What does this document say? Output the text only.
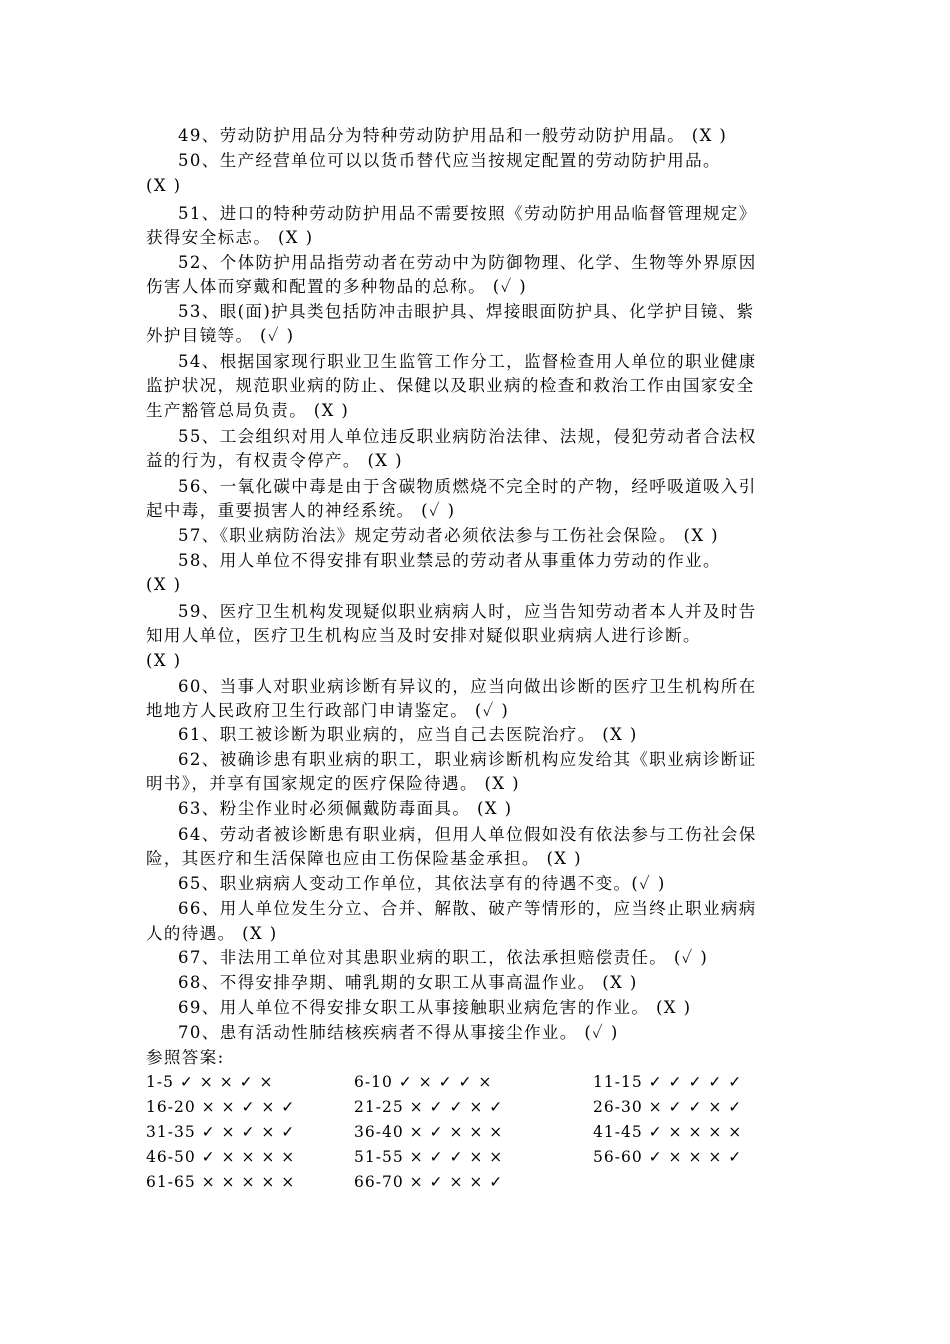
49、劳动防护用品分为特种劳动防护用品和一般劳动防护用晶。 (X )
50、生产经营单位可以以货币替代应当按规定配置的劳动防护用品。
(X )
51、进口的特种劳动防护用品不需要按照《劳动防护用品临督管理规定》
获得安全标志。 (X )
52、个体防护用品指劳动者在劳动中为防御物理、化学、生物等外界原因
伤害人体而穿戴和配置的多种物品的总称。 (✓ )
53、眼(面)护具类包括防冲击眼护具、焊接眼面防护具、化学护目镜、紫
外护目镜等。 (✓ )
54、根据国家现行职业卫生监管工作分工，监督检查用人单位的职业健康
监护状况，规范职业病的防止、保健以及职业病的检查和救治工作由国家安全
生产豁管总局负责。 (X )
55、工会组织对用人单位违反职业病防治法律、法规，侵犯劳动者合法权
益的行为，有权责令停产。 (X )
56、一氧化碳中毒是由于含碳物质燃烧不完全时的产物，经呼吸道吸入引
起中毒，重要损害人的神经系统。 (✓ )
57、《职业病防治法》规定劳动者必须依法参与工伤社会保险。 (X )
58、用人单位不得安排有职业禁忌的劳动者从事重体力劳动的作业。
(X )
59、医疗卫生机构发现疑似职业病病人时，应当告知劳动者本人并及时告
知用人单位，医疗卫生机构应当及时安排对疑似职业病病人进行诊断。
(X )
60、当事人对职业病诊断有异议的，应当向做出诊断的医疗卫生机构所在
地地方人民政府卫生行政部门申请鉴定。 (✓ )
61、职工被诊断为职业病的，应当自己去医院治疗。 (X )
62、被确诊患有职业病的职工，职业病诊断机构应发给其《职业病诊断证
明书》，并享有国家规定的医疗保险待遇。 (X )
63、粉尘作业时必须佩戴防毒面具。 (X )
64、劳动者被诊断患有职业病，但用人单位假如没有依法参与工伤社会保
险，其医疗和生活保障也应由工伤保险基金承担。 (X )
65、职业病病人变动工作单位，其依法享有的待遇不变。(✓ )
66、用人单位发生分立、合并、解散、破产等情形的，应当终止职业病病
人的待遇。 (X )
67、非法用工单位对其患职业病的职工，依法承担赔偿责任。 (✓ )
68、不得安排孕期、哺乳期的女职工从事高温作业。 (X )
69、用人单位不得安排女职工从事接触职业病危害的作业。 (X )
70、患有活动性肺结核疾病者不得从事接尘作业。 (✓ )
参照答案:
1-5 ✓ × × ✓ ×	6-10 ✓ × ✓ ✓ ×	11-15 ✓ ✓ ✓ ✓ ✓
16-20 × × ✓ × ✓	21-25 × ✓ ✓ × ✓	26-30 × ✓ ✓ × ✓
31-35 ✓ × ✓ × ✓	36-40 × ✓ × × ×	41-45 ✓ × × × ×
46-50 ✓ × × × ×	51-55 × ✓ ✓ × ×	56-60 ✓ × × × ✓
61-65 × × × × ×	66-70 × ✓ × × ✓
